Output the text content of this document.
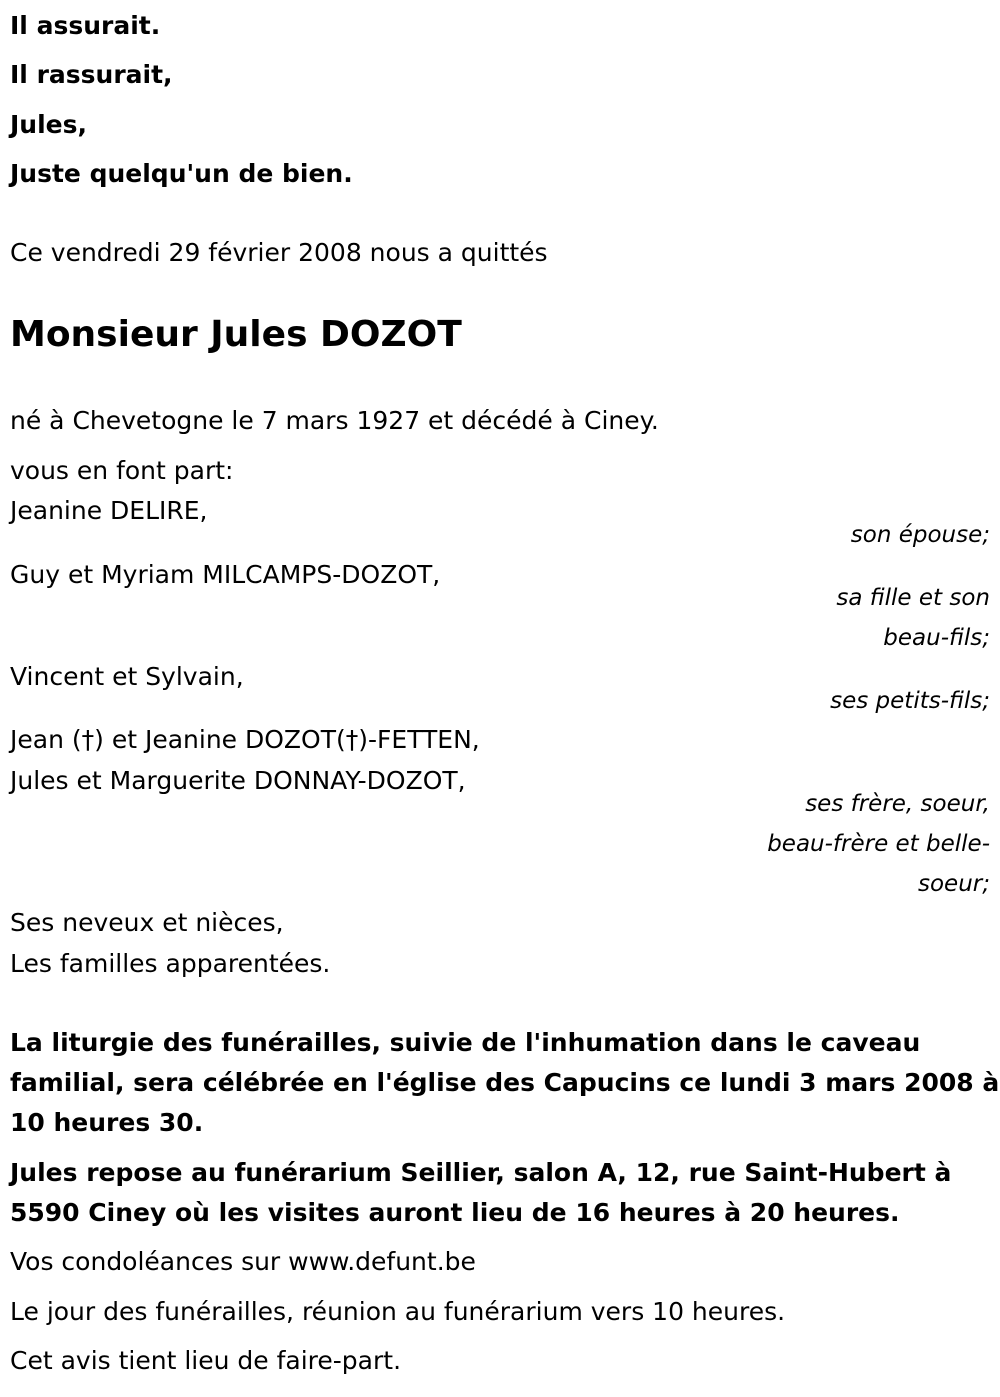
Il assurait.
Il rassurait,
Jules,
Juste quelqu'un de bien.
Ce vendredi 29 février 2008 nous a quittés
Monsieur Jules DOZOT
né à Chevetogne le 7 mars 1927 et décédé à Ciney.
vous en font part:
Jeanine DELIRE,
son épouse;
Guy et Myriam MILCAMPS-DOZOT,
sa fille et son
beau-fils;
Vincent et Sylvain,
ses petits-fils;
Jean (†) et Jeanine DOZOT(†)-FETTEN,
Jules et Marguerite DONNAY-DOZOT,
ses frère, soeur,
beau-frère et belle-
soeur;
Ses neveux et nièces,
Les familles apparentées.
La liturgie des funérailles, suivie de l'inhumation dans le caveau
familial, sera célébrée en l'église des Capucins ce lundi 3 mars 2008 à
10 heures 30.
Jules repose au funérarium Seillier, salon A, 12, rue Saint-Hubert à
5590 Ciney où les visites auront lieu de 16 heures à 20 heures.
Vos condoléances sur www.defunt.be
Le jour des funérailles, réunion au funérarium vers 10 heures.
Cet avis tient lieu de faire-part.
